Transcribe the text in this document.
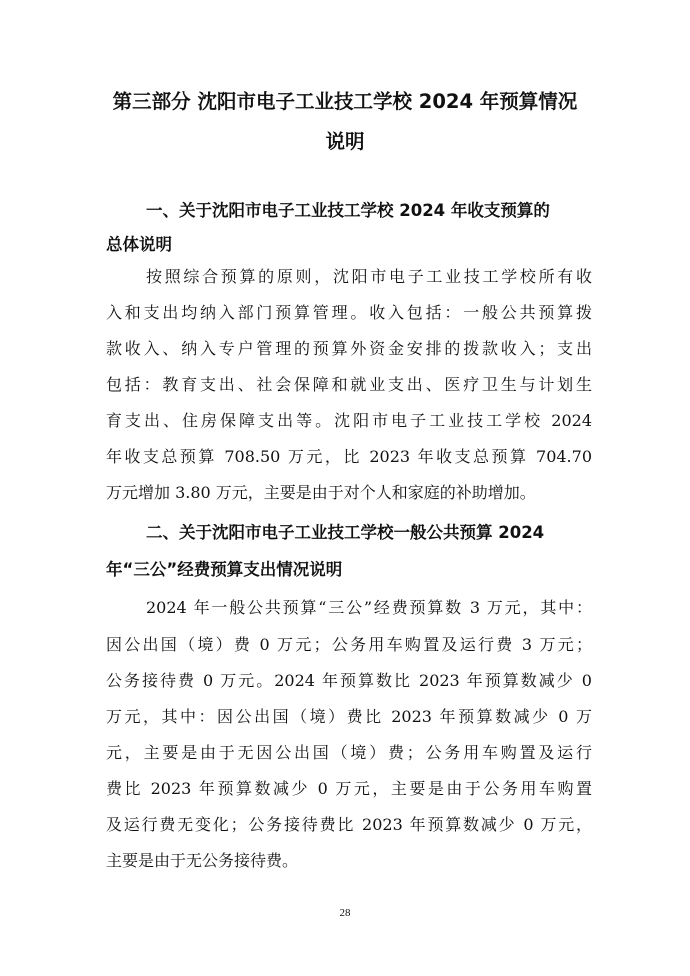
第三部分 沈阳市电子工业技工学校 2024 年预算情况
说明
一、关于沈阳市电子工业技工学校 2024 年收支预算的
总体说明

按照综合预算的原则，沈阳市电子工业技工学校所有收

入和支出均纳入部门预算管理。收入包括：一般公共预算拨

款收入、纳入专户管理的预算外资金安排的拨款收入；支出

包括：教育支出、社会保障和就业支出、医疗卫生与计划生

育支出、住房保障支出等。沈阳市电子工业技工学校 2024

年收支总预算 708.50 万元，比 2023 年收支总预算 704.70

万元增加 3.80 万元，主要是由于对个人和家庭的补助增加。

二、关于沈阳市电子工业技工学校一般公共预算 2024
年“三公”经费预算支出情况说明

2024 年一般公共预算“三公”经费预算数 3 万元，其中：

因公出国（境）费 0 万元；公务用车购置及运行费 3 万元；

公务接待费 0 万元。2024 年预算数比 2023 年预算数减少 0

万元，其中：因公出国（境）费比 2023 年预算数减少 0 万

元，主要是由于无因公出国（境）费；公务用车购置及运行

费比 2023 年预算数减少 0 万元，主要是由于公务用车购置

及运行费无变化；公务接待费比 2023 年预算数减少 0 万元，

主要是由于无公务接待费。

28
